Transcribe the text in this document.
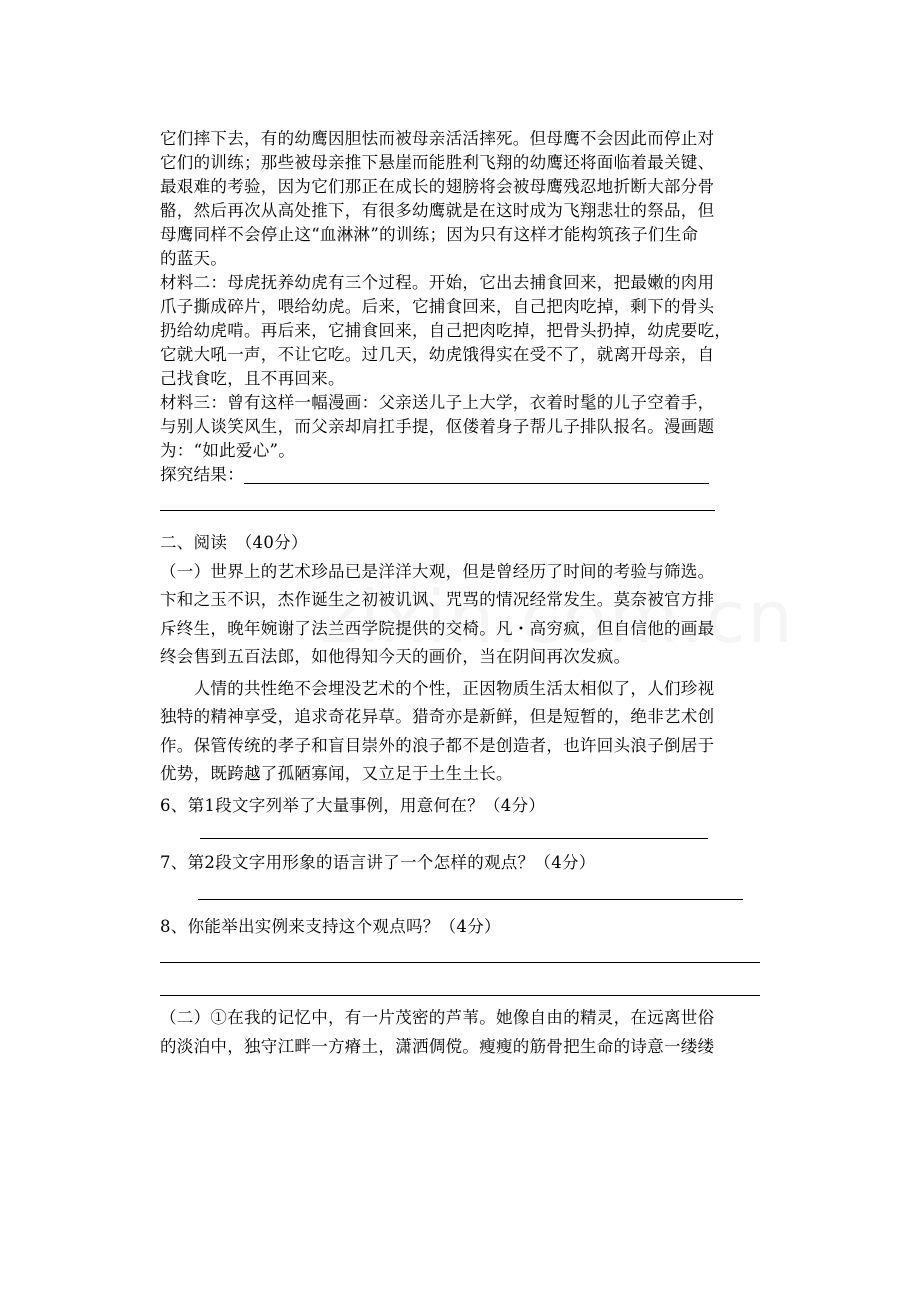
它们摔下去，有的幼鹰因胆怯而被母亲活活摔死。但母鹰不会因此而停止对
它们的训练；那些被母亲推下悬崖而能胜利飞翔的幼鹰还将面临着最关键、
最艰难的考验，因为它们那正在成长的翅膀将会被母鹰残忍地折断大部分骨
骼，然后再次从高处推下，有很多幼鹰就是在这时成为飞翔悲壮的祭品，但
母鹰同样不会停止这“血淋淋”的训练；因为只有这样才能构筑孩子们生命
的蓝天。
材料二：母虎抚养幼虎有三个过程。开始，它出去捕食回来，把最嫩的肉用
爪子撕成碎片，喂给幼虎。后来，它捕食回来，自己把肉吃掉，剩下的骨头
扔给幼虎啃。再后来，它捕食回来，自己把肉吃掉，把骨头扔掉，幼虎要吃，
它就大吼一声，不让它吃。过几天，幼虎饿得实在受不了，就离开母亲，自
己找食吃，且不再回来。
材料三：曾有这样一幅漫画：父亲送儿子上大学，衣着时髦的儿子空着手，
与别人谈笑风生，而父亲却肩扛手提，伛偻着身子帮儿子排队报名。漫画题
为：“如此爱心”。
探究结果：
二、阅读　（40分）
（一）世界上的艺术珍品已是洋洋大观，但是曾经历了时间的考验与筛选。
卞和之玉不识，杰作诞生之初被讥讽、咒骂的情况经常发生。莫奈被官方排
斥终生，晚年婉谢了法兰西学院提供的交椅。凡・高穷疯，但自信他的画最
终会售到五百法郎，如他得知今天的画价，当在阴间再次发疯。
　　人情的共性绝不会埋没艺术的个性，正因物质生活太相似了，人们珍视
独特的精神享受，追求奇花异草。猎奇亦是新鲜，但是短暂的，绝非艺术创
作。保管传统的孝子和盲目崇外的浪子都不是创造者，也许回头浪子倒居于
优势，既跨越了孤陋寡闻，又立足于土生土长。
6、第1段文字列举了大量事例，用意何在？（4分）
7、第2段文字用形象的语言讲了一个怎样的观点？（4分）
8、你能举出实例来支持这个观点吗？（4分）
（二）①在我的记忆中，有一片茂密的芦苇。她像自由的精灵，在远离世俗
的淡泊中，独守江畔一方瘠土，潇洒倜傥。瘦瘦的筋骨把生命的诗意一缕缕
